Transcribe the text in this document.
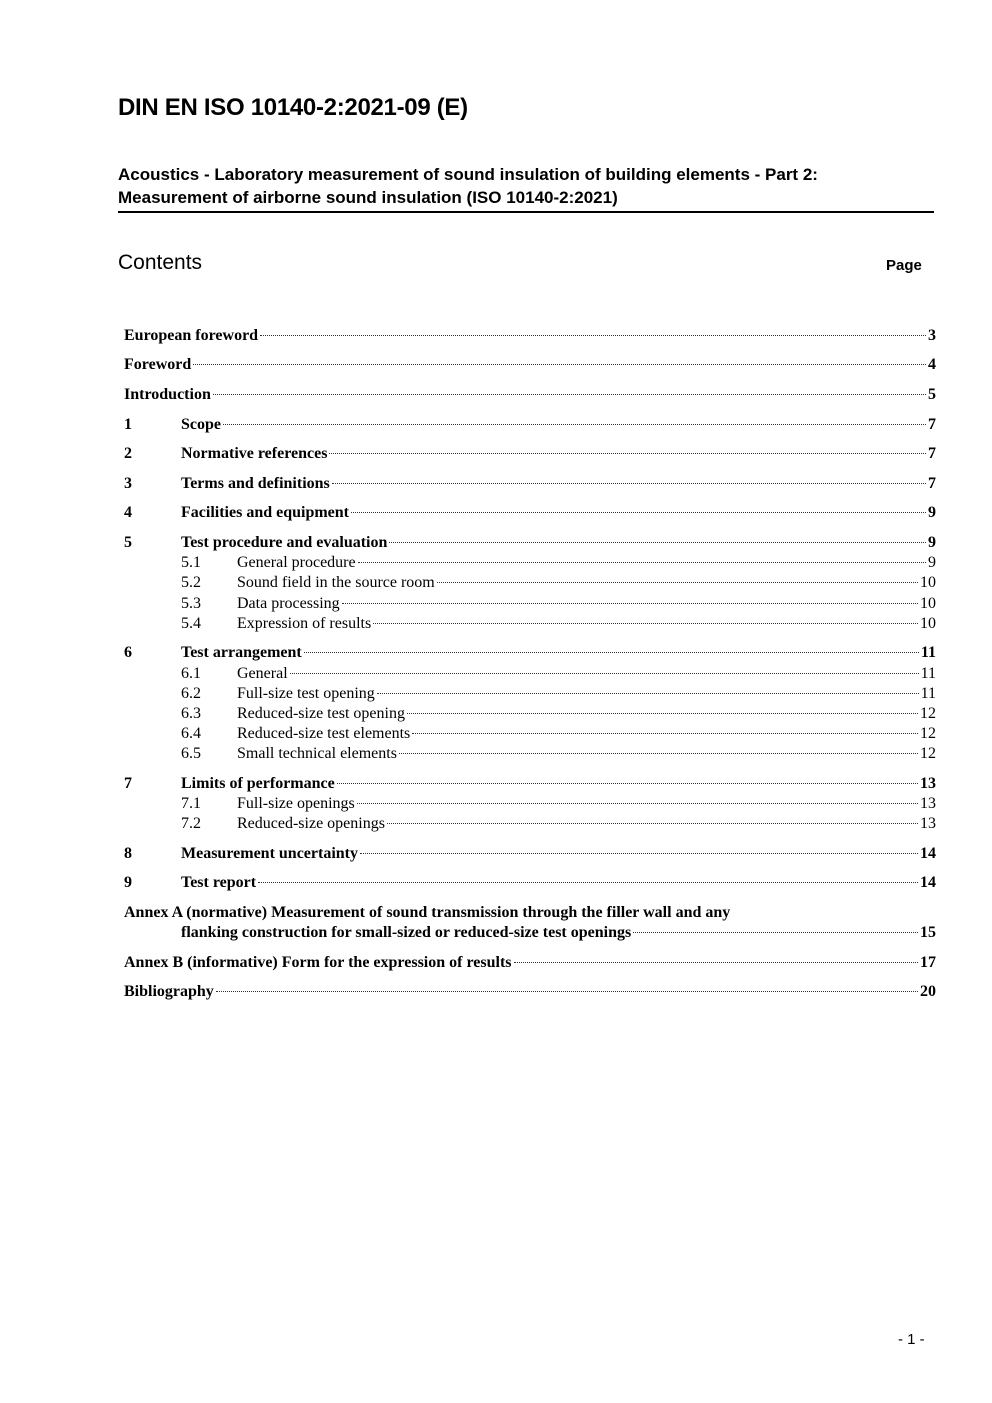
DIN EN ISO 10140-2:2021-09 (E)
Acoustics - Laboratory measurement of sound insulation of building elements - Part 2:
Measurement of airborne sound insulation (ISO 10140-2:2021)
Contents	Page
European foreword	3
Foreword	4
Introduction	5
1	Scope	7
2	Normative references	7
3	Terms and definitions	7
4	Facilities and equipment	9
5	Test procedure and evaluation	9
5.1	General procedure	9
5.2	Sound field in the source room	10
5.3	Data processing	10
5.4	Expression of results	10
6	Test arrangement	11
6.1	General	11
6.2	Full-size test opening	11
6.3	Reduced-size test opening	12
6.4	Reduced-size test elements	12
6.5	Small technical elements	12
7	Limits of performance	13
7.1	Full-size openings	13
7.2	Reduced-size openings	13
8	Measurement uncertainty	14
9	Test report	14
Annex A (normative) Measurement of sound transmission through the filler wall and any
flanking construction for small-sized or reduced-size test openings	15
Annex B (informative) Form for the expression of results	17
Bibliography	20
- 1 -
